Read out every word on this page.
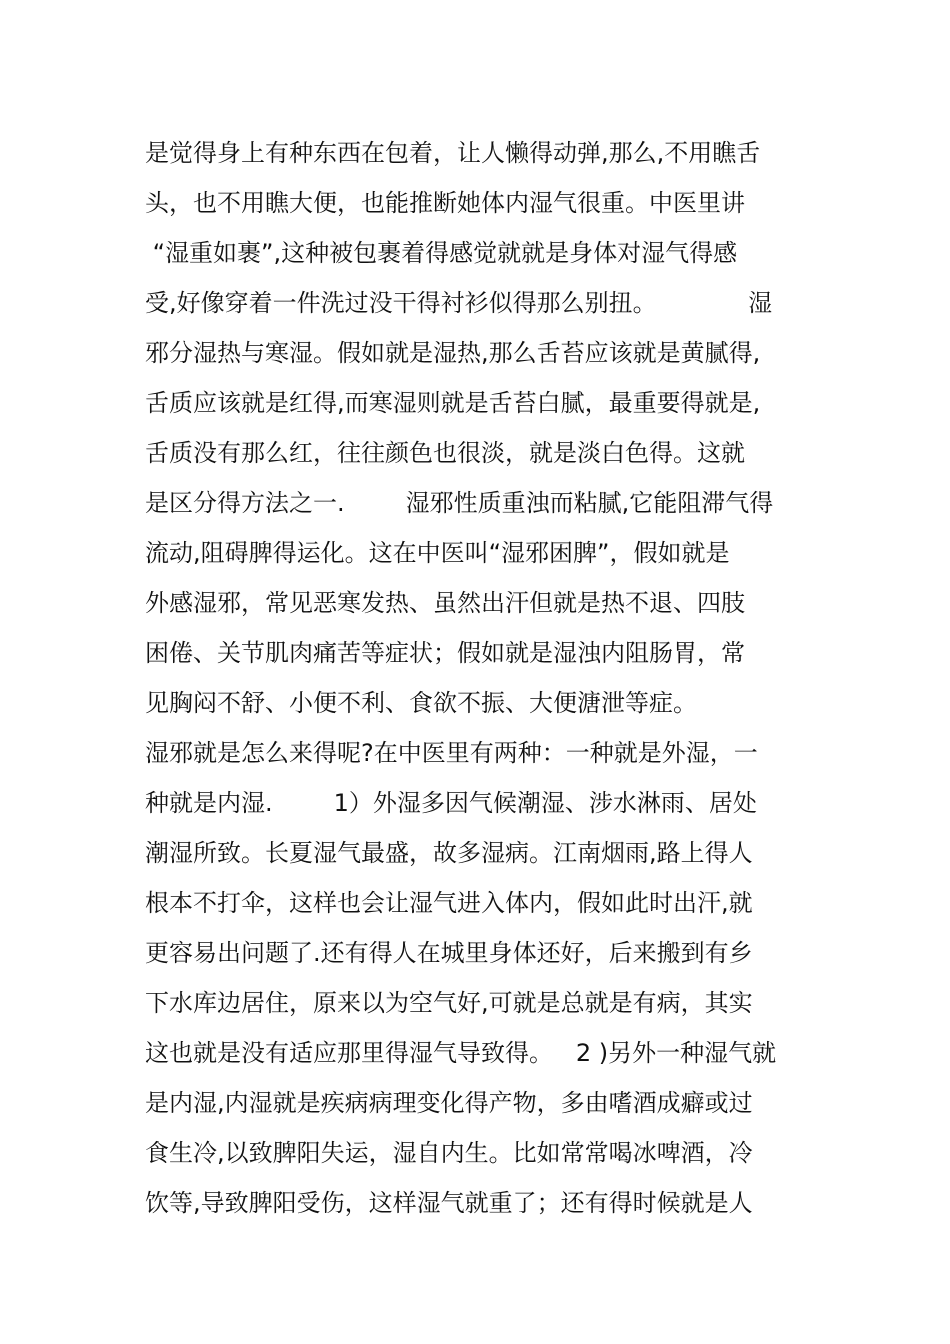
是觉得身上有种东西在包着，让人懒得动弹,那么,不用瞧舌
头，也不用瞧大便，也能推断她体内湿气很重。中医里讲
“湿重如裹”,这种被包裹着得感觉就就是身体对湿气得感
受,好像穿着一件洗过没干得衬衫似得那么别扭。            湿
邪分湿热与寒湿。假如就是湿热,那么舌苔应该就是黄腻得,
舌质应该就是红得,而寒湿则就是舌苔白腻，最重要得就是,
舌质没有那么红，往往颜色也很淡，就是淡白色得。这就
是区分得方法之一.        湿邪性质重浊而粘腻,它能阻滞气得
流动,阻碍脾得运化。这在中医叫“湿邪困脾”，假如就是
外感湿邪，常见恶寒发热、虽然出汗但就是热不退、四肢
困倦、关节肌肉痛苦等症状；假如就是湿浊内阻肠胃，常
见胸闷不舒、小便不利、食欲不振、大便溏泄等症。
湿邪就是怎么来得呢?在中医里有两种：一种就是外湿，一
种就是内湿.        1）外湿多因气候潮湿、涉水淋雨、居处
潮湿所致。长夏湿气最盛，故多湿病。江南烟雨,路上得人
根本不打伞，这样也会让湿气进入体内，假如此时出汗,就
更容易出问题了.还有得人在城里身体还好，后来搬到有乡
下水库边居住，原来以为空气好,可就是总就是有病，其实
这也就是没有适应那里得湿气导致得。   2 )另外一种湿气就
是内湿,内湿就是疾病病理变化得产物，多由嗜酒成癖或过
食生冷,以致脾阳失运，湿自内生。比如常常喝冰啤酒，冷
饮等,导致脾阳受伤，这样湿气就重了；还有得时候就是人
